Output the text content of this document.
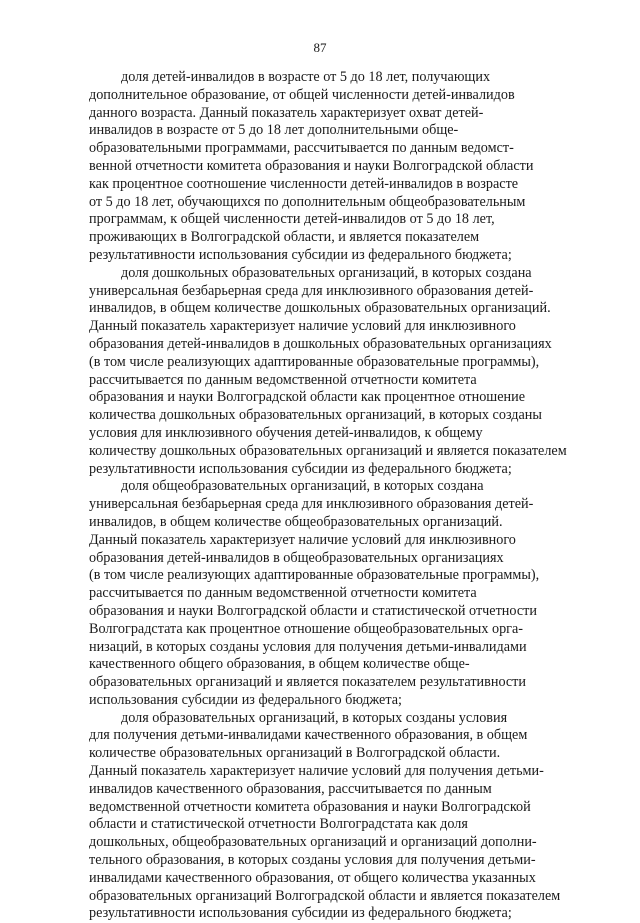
87
доля детей-инвалидов в возрасте от 5 до 18 лет, получающих
дополнительное образование, от общей численности детей-инвалидов
данного возраста. Данный показатель характеризует охват детей-
инвалидов в возрасте от 5 до 18 лет дополнительными обще-
образовательными программами, рассчитывается по данным ведомст-
венной отчетности комитета образования и науки Волгоградской области
как процентное соотношение численности детей-инвалидов в возрасте
от 5 до 18 лет, обучающихся по дополнительным общеобразовательным
программам, к общей численности детей-инвалидов от 5 до 18 лет,
проживающих в Волгоградской области, и является показателем
результативности использования субсидии из федерального бюджета;
доля дошкольных образовательных организаций, в которых создана
универсальная безбарьерная среда для инклюзивного образования детей-
инвалидов, в общем количестве дошкольных образовательных организаций.
Данный показатель характеризует наличие условий для инклюзивного
образования детей-инвалидов в дошкольных образовательных организациях
(в том числе реализующих адаптированные образовательные программы),
рассчитывается по данным ведомственной отчетности комитета
образования и науки Волгоградской области как процентное отношение
количества дошкольных образовательных организаций, в которых созданы
условия для инклюзивного обучения детей-инвалидов, к общему
количеству дошкольных образовательных организаций и является показателем
результативности использования субсидии из федерального бюджета;
доля общеобразовательных организаций, в которых создана
универсальная безбарьерная среда для инклюзивного образования детей-
инвалидов, в общем количестве общеобразовательных организаций.
Данный показатель характеризует наличие условий для инклюзивного
образования детей-инвалидов в общеобразовательных организациях
(в том числе реализующих адаптированные образовательные программы),
рассчитывается по данным ведомственной отчетности комитета
образования и науки Волгоградской области и статистической отчетности
Волгоградстата как процентное отношение общеобразовательных орга-
низаций, в которых созданы условия для получения детьми-инвалидами
качественного общего образования, в общем количестве обще-
образовательных организаций и является показателем результативности
использования субсидии из федерального бюджета;
доля образовательных организаций, в которых созданы условия
для получения детьми-инвалидами качественного образования, в общем
количестве образовательных организаций в Волгоградской области.
Данный показатель характеризует наличие условий для получения детьми-
инвалидов качественного образования, рассчитывается по данным
ведомственной отчетности комитета образования и науки Волгоградской
области и статистической отчетности Волгоградстата как доля
дошкольных, общеобразовательных организаций и организаций дополни-
тельного образования, в которых созданы условия для получения детьми-
инвалидами качественного образования, от общего количества указанных
образовательных организаций Волгоградской области и является показателем
результативности использования субсидии из федерального бюджета;
